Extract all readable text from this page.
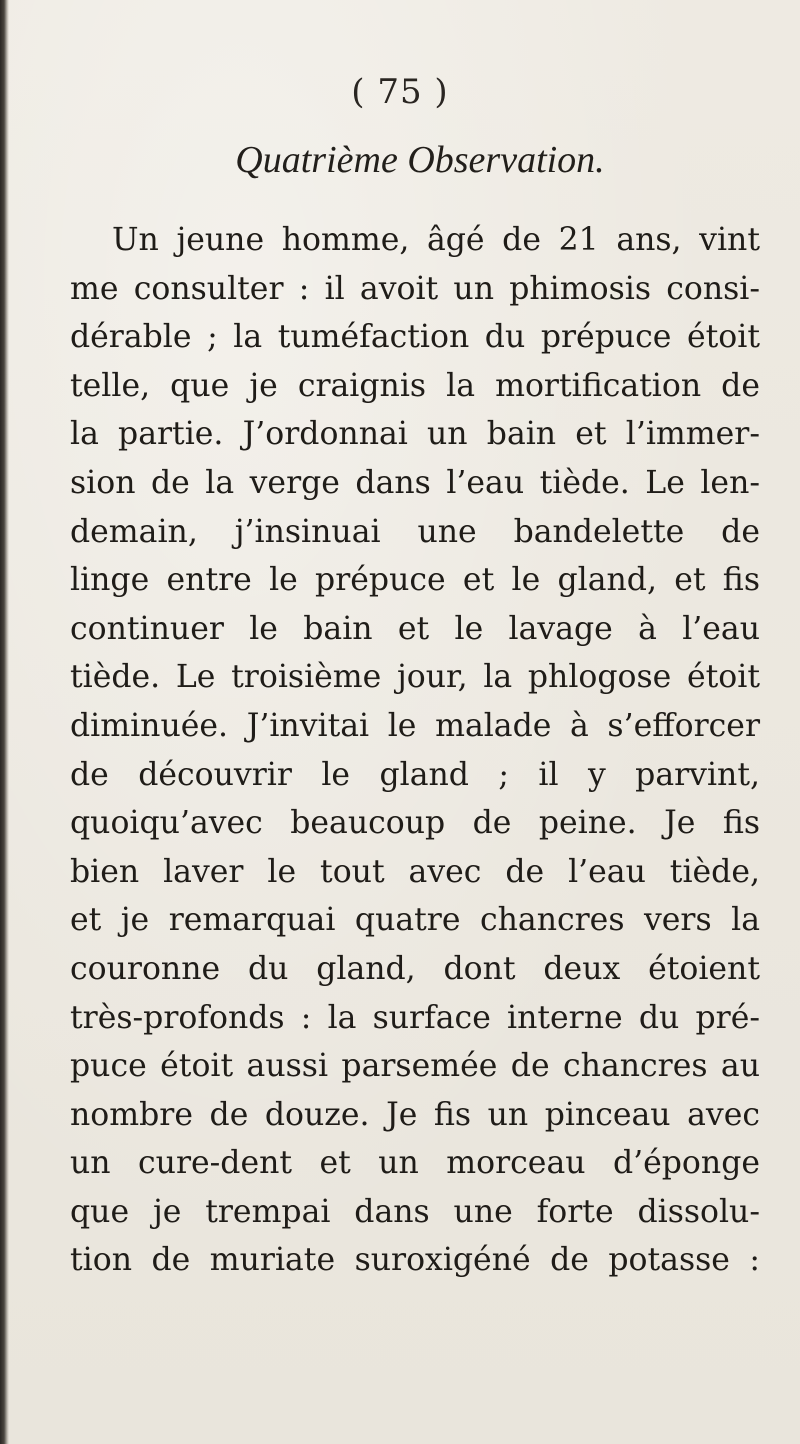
( 75 )
Quatrième Observation.
Un jeune homme, âgé de 21 ans, vint
me consulter : il avoit un phimosis consi-
dérable ; la tuméfaction du prépuce étoit
telle, que je craignis la mortification de
la partie. J’ordonnai un bain et l’immer-
sion de la verge dans l’eau tiède. Le len-
demain, j’insinuai une bandelette de
linge entre le prépuce et le gland, et fis
continuer le bain et le lavage à l’eau
tiède. Le troisième jour, la phlogose étoit
diminuée. J’invitai le malade à s’efforcer
de découvrir le gland ; il y parvint,
quoiqu’avec beaucoup de peine. Je fis
bien laver le tout avec de l’eau tiède,
et je remarquai quatre chancres vers la
couronne du gland, dont deux étoient
très-profonds : la surface interne du pré-
puce étoit aussi parsemée de chancres au
nombre de douze. Je fis un pinceau avec
un cure-dent et un morceau d’éponge
que je trempai dans une forte dissolu-
tion de muriate suroxigéné de potasse :
